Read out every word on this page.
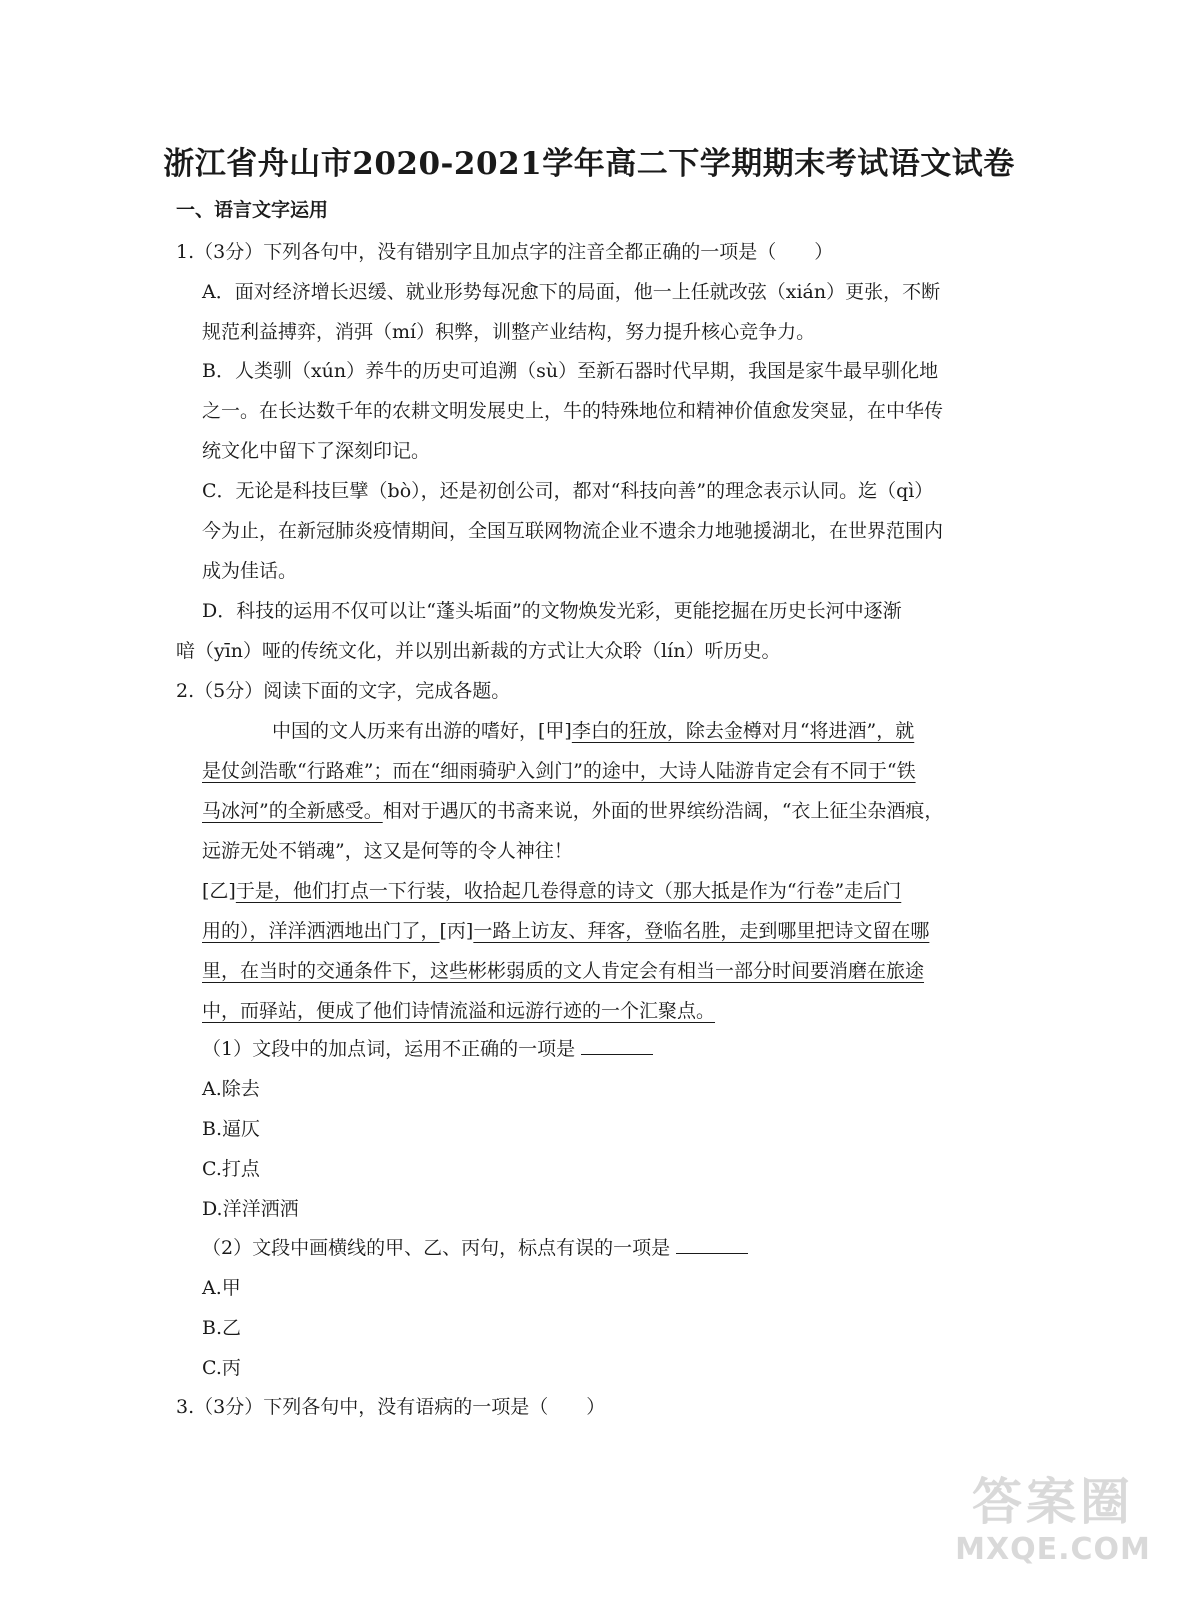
浙江省舟山市2020-2021学年高二下学期期末考试语文试卷
一、语言文字运用
1.（3分）下列各句中，没有错别字且加点字的注音全都正确的一项是（　　）
A．面对经济增长迟缓、就业形势每况愈下的局面，他一上任就改弦（xián）更张，不断
规范利益搏弈，消弭（mí）积弊，训整产业结构，努力提升核心竞争力。
B．人类驯（xún）养牛的历史可追溯（sù）至新石器时代早期，我国是家牛最早驯化地
之一。在长达数千年的农耕文明发展史上，牛的特殊地位和精神价值愈发突显，在中华传
统文化中留下了深刻印记。
C．无论是科技巨擘（bò），还是初创公司，都对“科技向善”的理念表示认同。迄（qì）
今为止，在新冠肺炎疫情期间，全国互联网物流企业不遗余力地驰援湖北，在世界范围内
成为佳话。
D．科技的运用不仅可以让“蓬头垢面”的文物焕发光彩，更能挖掘在历史长河中逐渐
喑（yīn）哑的传统文化，并以别出新裁的方式让大众聆（lín）听历史。
2.（5分）阅读下面的文字，完成各题。
中国的文人历来有出游的嗜好，[甲]李白的狂放，除去金樽对月“将进酒”，就
是仗剑浩歌“行路难”；而在“细雨骑驴入剑门”的途中，大诗人陆游肯定会有不同于“铁
马冰河”的全新感受。相对于遇仄的书斋来说，外面的世界缤纷浩阔，“衣上征尘杂酒痕，
远游无处不销魂”，这又是何等的令人神往！
[乙]于是，他们打点一下行装，收拾起几卷得意的诗文（那大抵是作为“行卷”走后门
用的），洋洋洒洒地出门了，[丙]一路上访友、拜客，登临名胜，走到哪里把诗文留在哪
里，在当时的交通条件下，这些彬彬弱质的文人肯定会有相当一部分时间要消磨在旅途
中，而驿站，便成了他们诗情流溢和远游行迹的一个汇聚点。
（1）文段中的加点词，运用不正确的一项是
A.除去
B.逼仄
C.打点
D.洋洋洒洒
（2）文段中画横线的甲、乙、丙句，标点有误的一项是
A.甲
B.乙
C.丙
3.（3分）下列各句中，没有语病的一项是（　　）
答案圈
MXQE.COM
